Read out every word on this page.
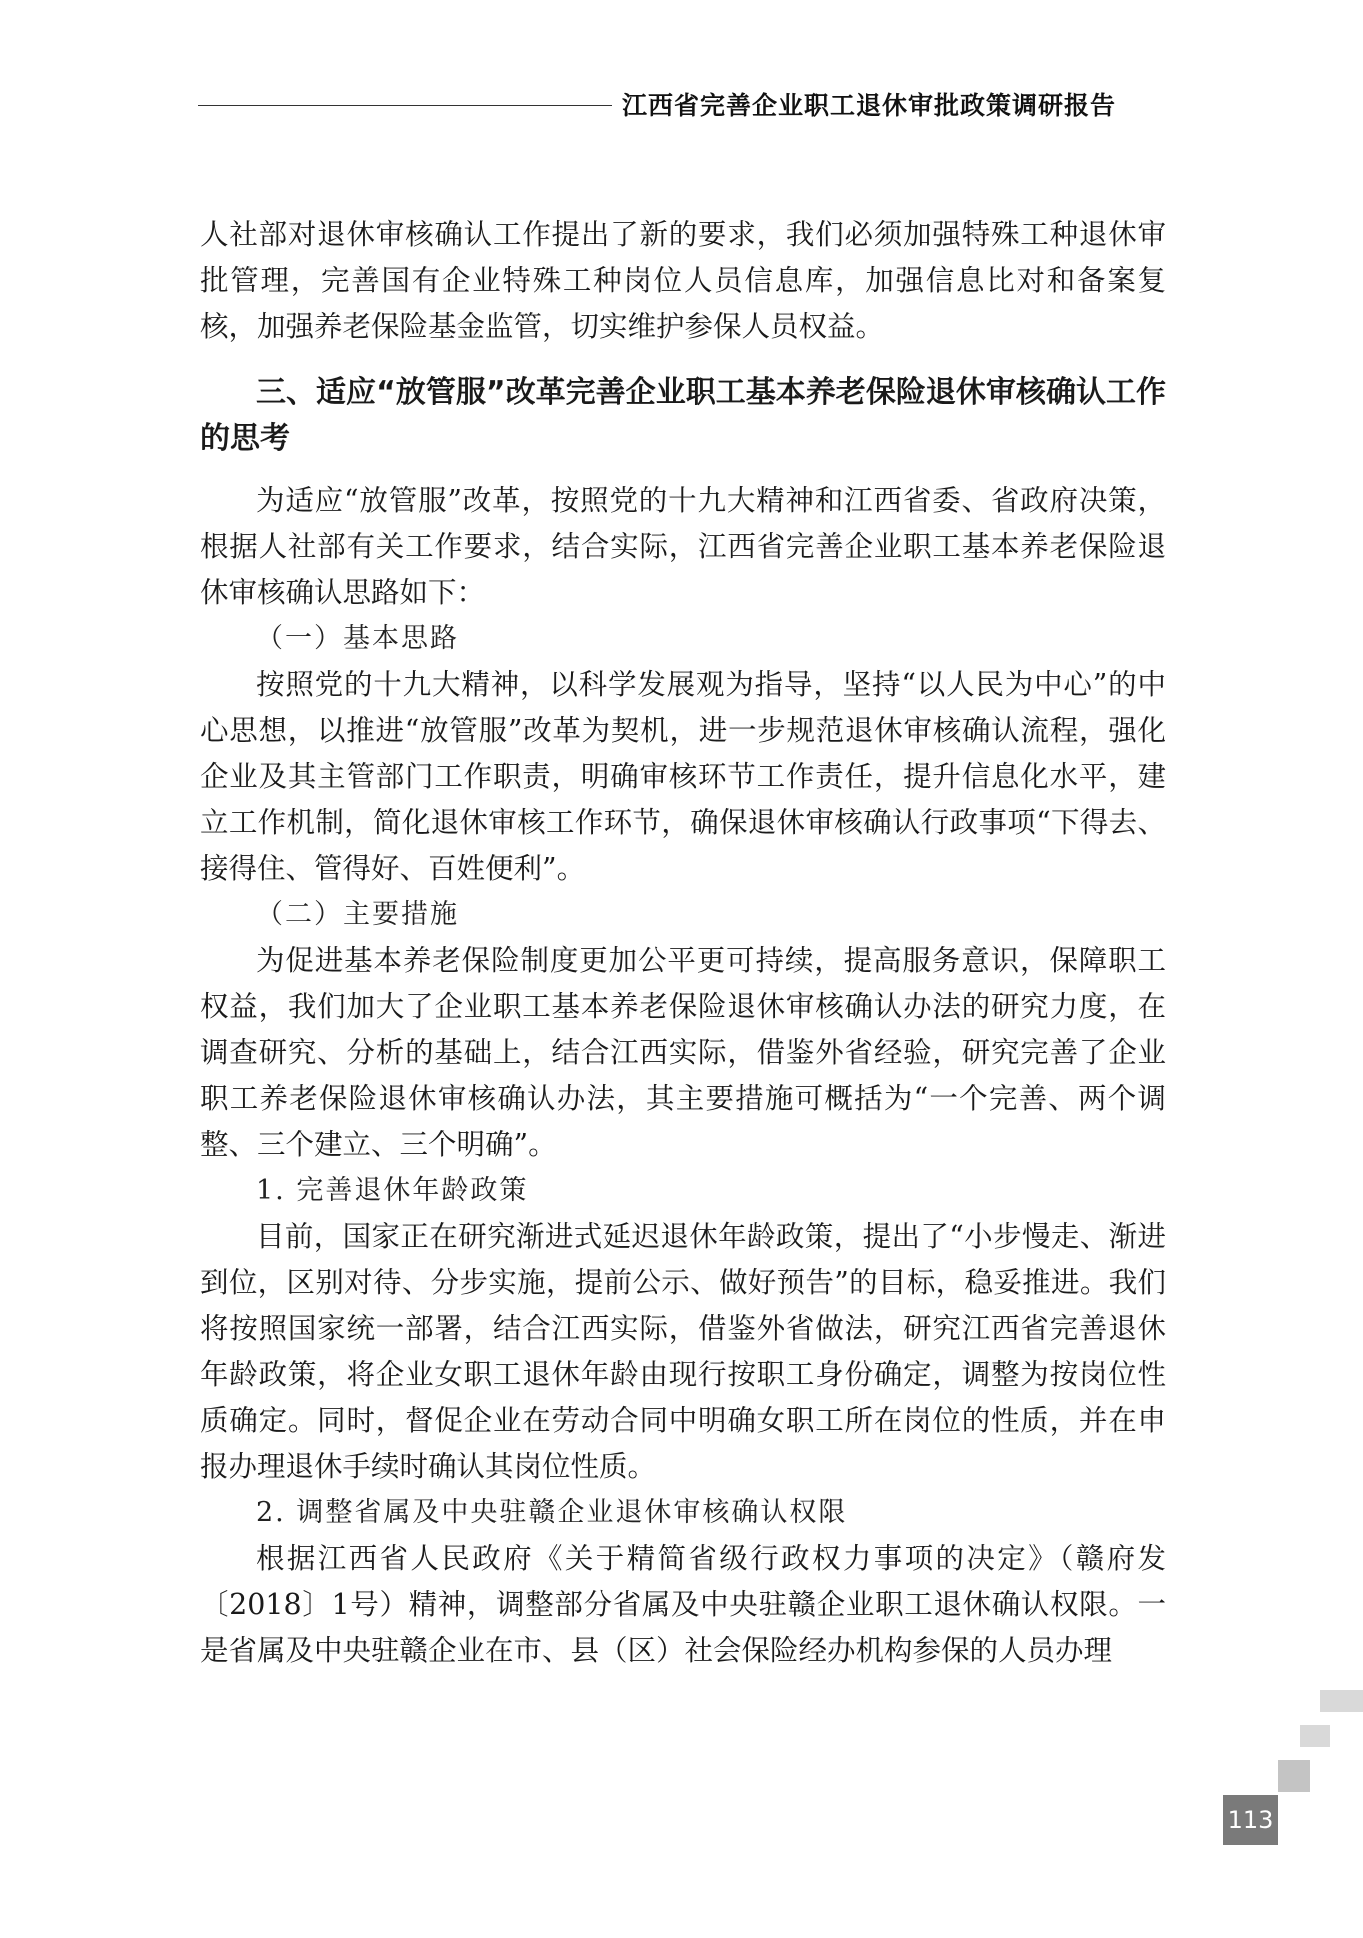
江西省完善企业职工退休审批政策调研报告

人社部对退休审核确认工作提出了新的要求，我们必须加强特殊工种退休审批管理，完善国有企业特殊工种岗位人员信息库，加强信息比对和备案复核，加强养老保险基金监管，切实维护参保人员权益。

三、适应“放管服”改革完善企业职工基本养老保险退休审核确认工作的思考

为适应“放管服”改革，按照党的十九大精神和江西省委、省政府决策，根据人社部有关工作要求，结合实际，江西省完善企业职工基本养老保险退休审核确认思路如下：

（一）基本思路

按照党的十九大精神，以科学发展观为指导，坚持“以人民为中心”的中心思想，以推进“放管服”改革为契机，进一步规范退休审核确认流程，强化企业及其主管部门工作职责，明确审核环节工作责任，提升信息化水平，建立工作机制，简化退休审核工作环节，确保退休审核确认行政事项“下得去、接得住、管得好、百姓便利”。

（二）主要措施

为促进基本养老保险制度更加公平更可持续，提高服务意识，保障职工权益，我们加大了企业职工基本养老保险退休审核确认办法的研究力度，在调查研究、分析的基础上，结合江西实际，借鉴外省经验，研究完善了企业职工养老保险退休审核确认办法，其主要措施可概括为“一个完善、两个调整、三个建立、三个明确”。

1. 完善退休年龄政策

目前，国家正在研究渐进式延迟退休年龄政策，提出了“小步慢走、渐进到位，区别对待、分步实施，提前公示、做好预告”的目标，稳妥推进。我们将按照国家统一部署，结合江西实际，借鉴外省做法，研究江西省完善退休年龄政策，将企业女职工退休年龄由现行按职工身份确定，调整为按岗位性质确定。同时，督促企业在劳动合同中明确女职工所在岗位的性质，并在申报办理退休手续时确认其岗位性质。

2. 调整省属及中央驻赣企业退休审核确认权限

根据江西省人民政府《关于精简省级行政权力事项的决定》（赣府发〔2018〕1号）精神，调整部分省属及中央驻赣企业职工退休确认权限。一是省属及中央驻赣企业在市、县（区）社会保险经办机构参保的人员办理

113
